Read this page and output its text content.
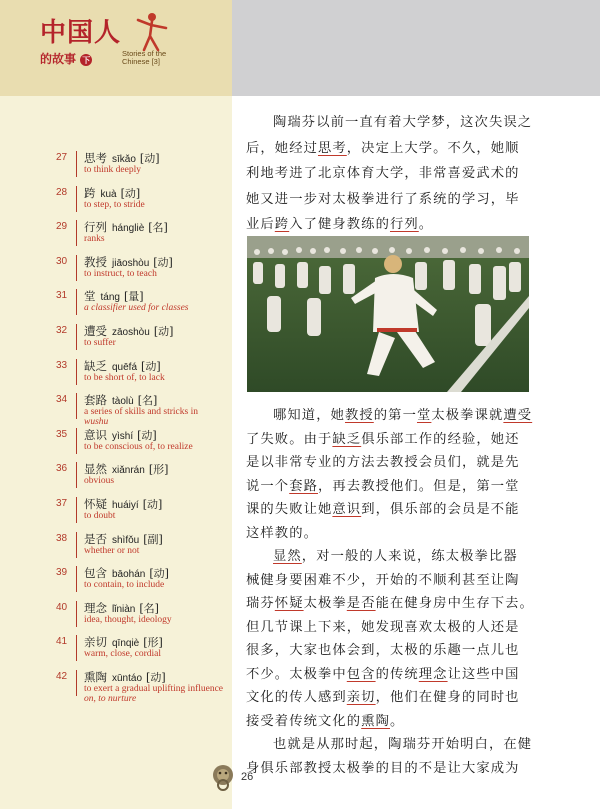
中国人
的故事 下
Stories of the Chinese [3]
27	思考 sīkǎo [动]
to think deeply
28	跨 kuà [动]
to step, to stride
29	行列 hángliè [名]
ranks
30	教授 jiāoshòu [动]
to instruct, to teach
31	堂 táng [量]
a classifier used for classes
32	遭受 zāoshòu [动]
to suffer
33	缺乏 quēfá [动]
to be short of, to lack
34	套路 tàolù [名]
a series of skills and stricks in
wushu
35	意识 yìshí [动]
to be conscious of, to realize
36	显然 xiǎnrán [形]
obvious
37	怀疑 huáiyí [动]
to doubt
38	是否 shìfǒu [副]
whether or not
39	包含 bāohán [动]
to contain, to include
40	理念 lǐniàn [名]
idea, thought, ideology
41	亲切 qīnqiè [形]
warm, close, cordial
42	熏陶 xūntáo [动]
to exert a gradual uplifting influence
on, to nurture
陶瑞芬以前一直有着大学梦，这次失误之
后，她经过思考，决定上大学。不久，她顺
利地考进了北京体育大学，非常喜爱武术的
她又进一步对太极拳进行了系统的学习，毕
业后跨入了健身教练的行列。
哪知道，她教授的第一堂太极拳课就遭受
了失败。由于缺乏俱乐部工作的经验，她还
是以非常专业的方法去教授会员们，就是先
说一个套路，再去教授他们。但是，第一堂
课的失败让她意识到，俱乐部的会员是不能
这样教的。
显然，对一般的人来说，练太极拳比器
械健身要困难不少，开始的不顺利甚至让陶
瑞芬怀疑太极拳是否能在健身房中生存下去。
但几节课上下来，她发现喜欢太极的人还是
很多，大家也体会到，太极的乐趣一点儿也
不少。太极拳中包含的传统理念让这些中国
文化的传人感到亲切，他们在健身的同时也
接受着传统文化的熏陶。
也就是从那时起，陶瑞芬开始明白，在健
身俱乐部教授太极拳的目的不是让大家成为
26
